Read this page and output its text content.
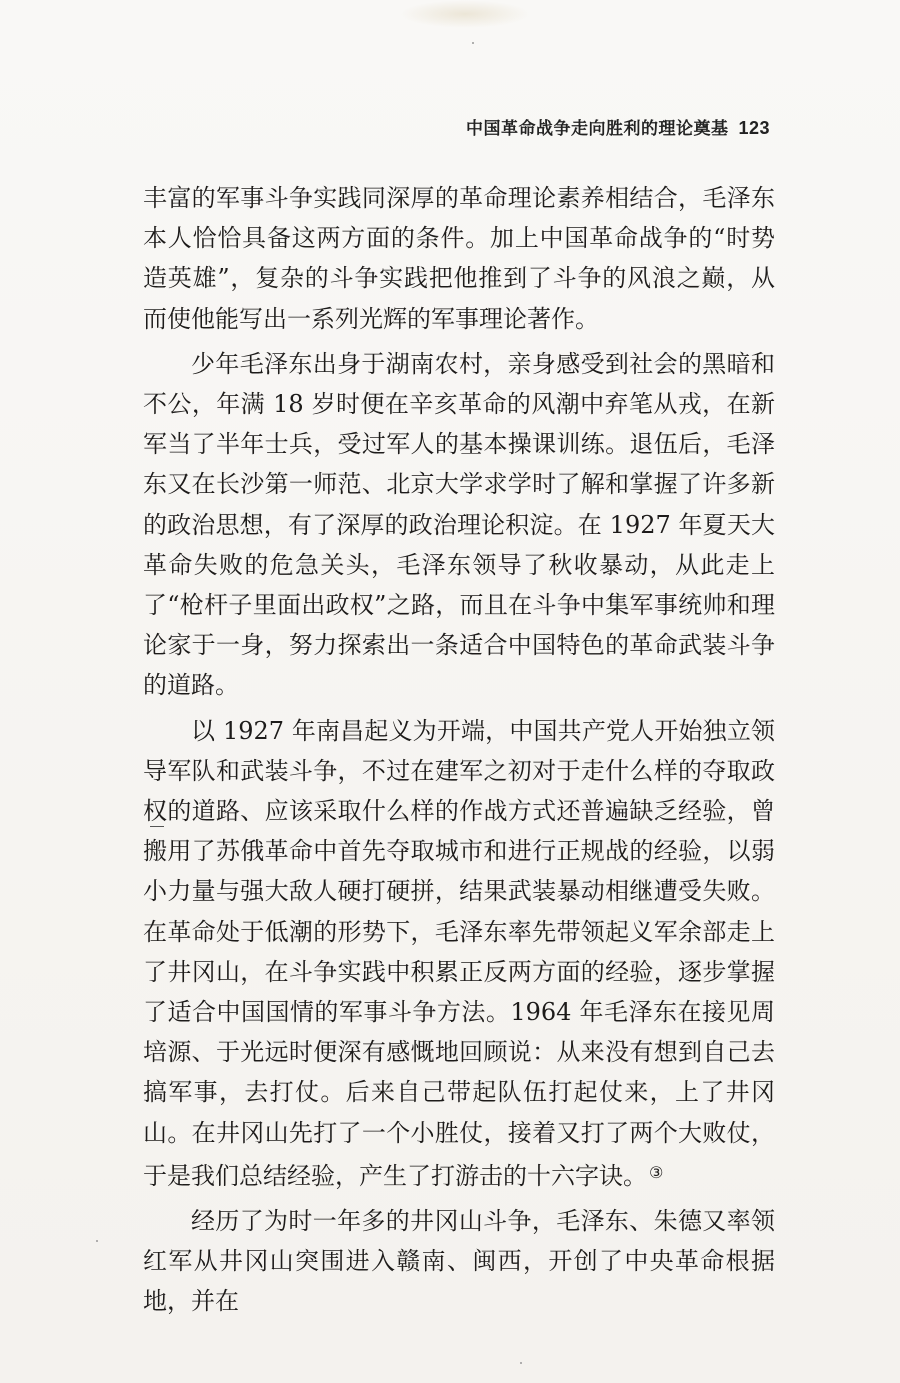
中国革命战争走向胜利的理论奠基 123

丰富的军事斗争实践同深厚的革命理论素养相结合，毛泽东本人恰恰具备这两方面的条件。加上中国革命战争的“时势造英雄”，复杂的斗争实践把他推到了斗争的风浪之巅，从而使他能写出一系列光辉的军事理论著作。

少年毛泽东出身于湖南农村，亲身感受到社会的黑暗和不公，年满 18 岁时便在辛亥革命的风潮中弃笔从戎，在新军当了半年士兵，受过军人的基本操课训练。退伍后，毛泽东又在长沙第一师范、北京大学求学时了解和掌握了许多新的政治思想，有了深厚的政治理论积淀。在 1927 年夏天大革命失败的危急关头，毛泽东领导了秋收暴动，从此走上了“枪杆子里面出政权”之路，而且在斗争中集军事统帅和理论家于一身，努力探索出一条适合中国特色的革命武装斗争的道路。

以 1927 年南昌起义为开端，中国共产党人开始独立领导军队和武装斗争，不过在建军之初对于走什么样的夺取政权的道路、应该采取什么样的作战方式还普遍缺乏经验，曾搬用了苏俄革命中首先夺取城市和进行正规战的经验，以弱小力量与强大敌人硬打硬拼，结果武装暴动相继遭受失败。在革命处于低潮的形势下，毛泽东率先带领起义军余部走上了井冈山，在斗争实践中积累正反两方面的经验，逐步掌握了适合中国国情的军事斗争方法。1964 年毛泽东在接见周培源、于光远时便深有感慨地回顾说：从来没有想到自己去搞军事，去打仗。后来自己带起队伍打起仗来，上了井冈山。在井冈山先打了一个小胜仗，接着又打了两个大败仗，于是我们总结经验，产生了打游击的十六字诀。 ③

经历了为时一年多的井冈山斗争，毛泽东、朱德又率领红军从井冈山突围进入赣南、闽西，开创了中央革命根据地，并在
